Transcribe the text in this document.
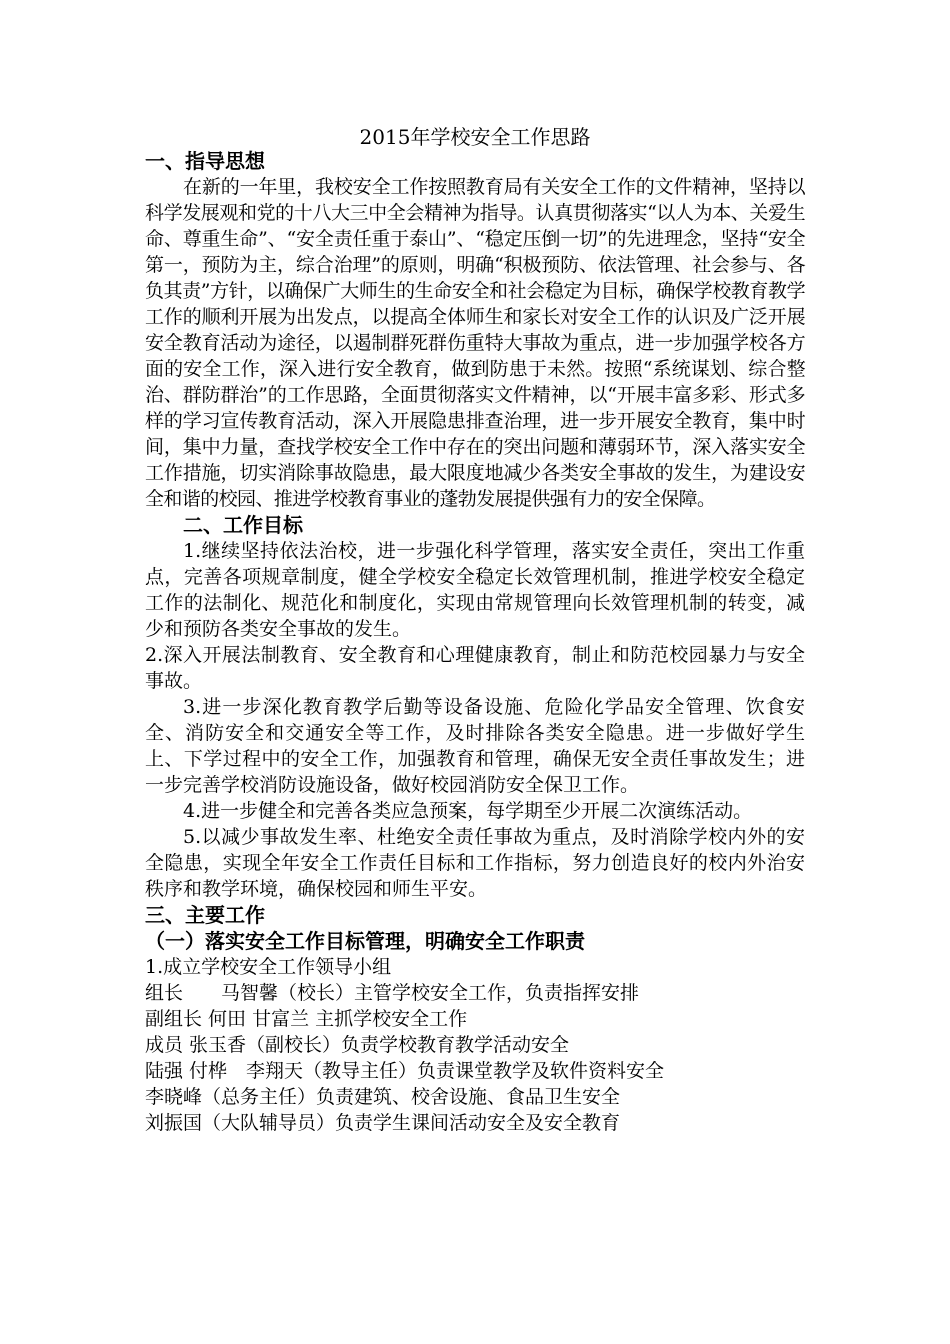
2015年学校安全工作思路
一、指导思想

在新的一年里，我校安全工作按照教育局有关安全工作的文件精神，坚持以科学发展观和党的十八大三中全会精神为指导。认真贯彻落实“以人为本、关爱生命、尊重生命”、“安全责任重于泰山”、“稳定压倒一切”的先进理念，坚持“安全第一，预防为主，综合治理”的原则，明确“积极预防、依法管理、社会参与、各负其责”方针，以确保广大师生的生命安全和社会稳定为目标，确保学校教育教学工作的顺利开展为出发点，以提高全体师生和家长对安全工作的认识及广泛开展安全教育活动为途径，以遏制群死群伤重特大事故为重点，进一步加强学校各方面的安全工作，深入进行安全教育，做到防患于未然。按照“系统谋划、综合整治、群防群治”的工作思路，全面贯彻落实文件精神，以“开展丰富多彩、形式多样的学习宣传教育活动，深入开展隐患排查治理，进一步开展安全教育，集中时间，集中力量，查找学校安全工作中存在的突出问题和薄弱环节，深入落实安全工作措施，切实消除事故隐患，最大限度地减少各类安全事故的发生，为建设安全和谐的校园、推进学校教育事业的蓬勃发展提供强有力的安全保障。

二、工作目标

1.继续坚持依法治校，进一步强化科学管理，落实安全责任，突出工作重点，完善各项规章制度，健全学校安全稳定长效管理机制，推进学校安全稳定工作的法制化、规范化和制度化，实现由常规管理向长效管理机制的转变，减少和预防各类安全事故的发生。

2.深入开展法制教育、安全教育和心理健康教育，制止和防范校园暴力与安全事故。

3.进一步深化教育教学后勤等设备设施、危险化学品安全管理、饮食安全、消防安全和交通安全等工作，及时排除各类安全隐患。进一步做好学生上、下学过程中的安全工作，加强教育和管理，确保无安全责任事故发生；进一步完善学校消防设施设备，做好校园消防安全保卫工作。

4.进一步健全和完善各类应急预案，每学期至少开展二次演练活动。

5.以减少事故发生率、杜绝安全责任事故为重点，及时消除学校内外的安全隐患，实现全年安全工作责任目标和工作指标，努力创造良好的校内外治安秩序和教学环境，确保校园和师生平安。

三、主要工作
（一）落实安全工作目标管理，明确安全工作职责

1.成立学校安全工作领导小组

组长　　马智馨（校长）主管学校安全工作，负责指挥安排

副组长 何田 甘富兰 主抓学校安全工作

成员 张玉香（副校长）负责学校教育教学活动安全

陆强 付桦　李翔天（教导主任）负责课堂教学及软件资料安全

李晓峰（总务主任）负责建筑、校舍设施、食品卫生安全

刘振国（大队辅导员）负责学生课间活动安全及安全教育
